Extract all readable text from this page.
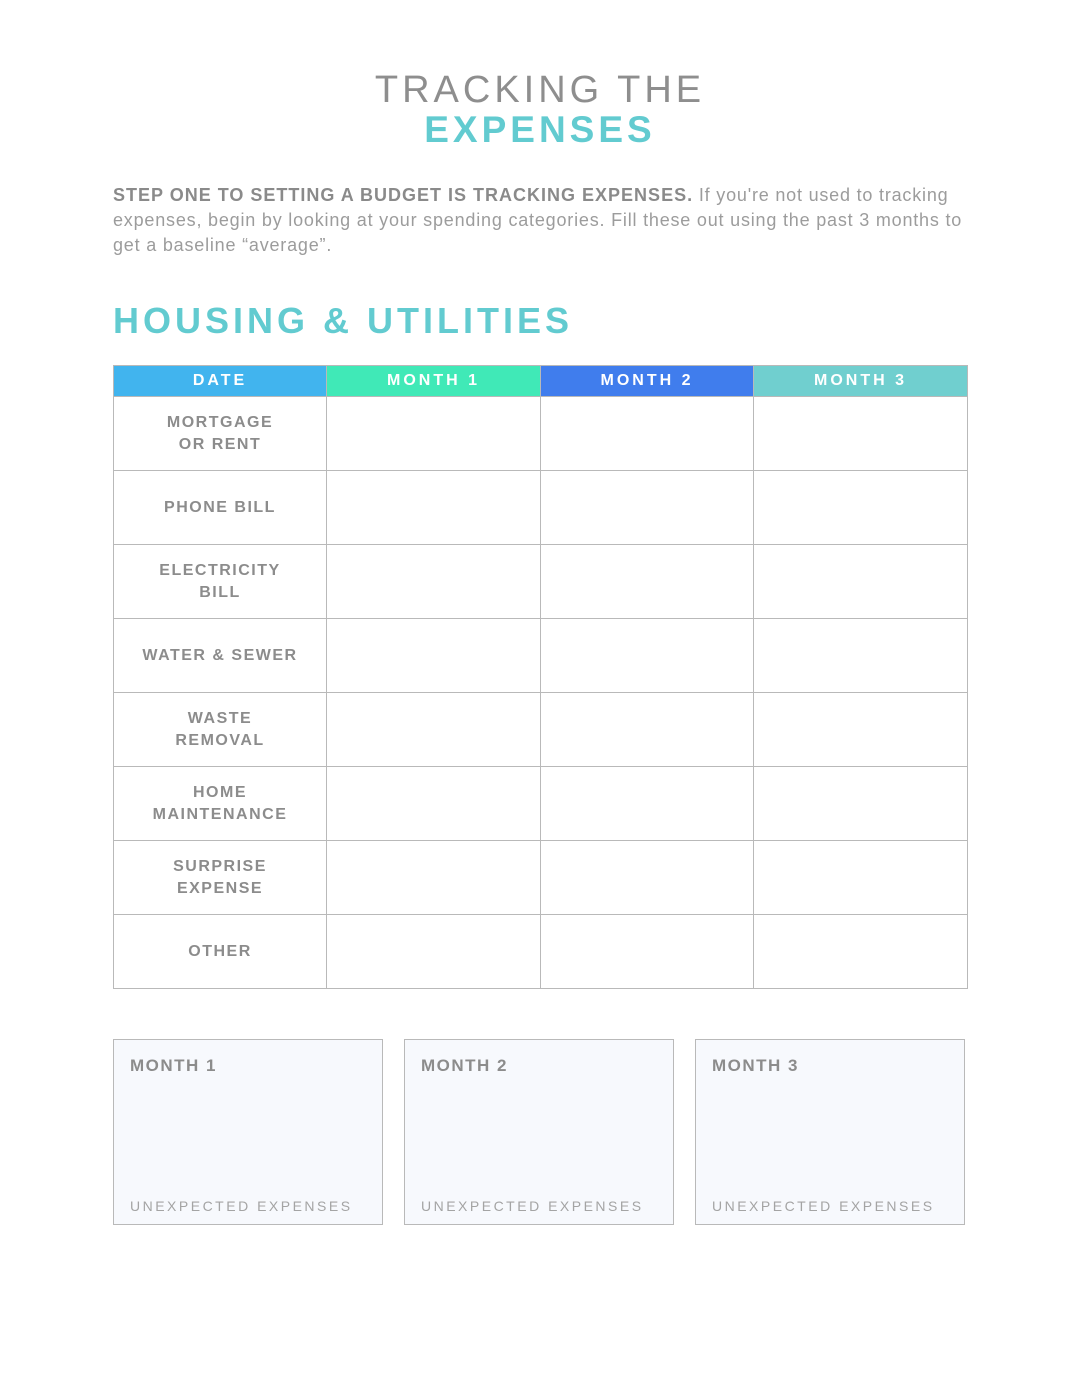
TRACKING THE
EXPENSES
STEP ONE TO SETTING A BUDGET IS TRACKING EXPENSES. If you're not used to tracking expenses, begin by looking at your spending categories. Fill these out using the past 3 months to get a baseline “average”.
HOUSING & UTILITIES
DATE	MONTH 1	MONTH 2	MONTH 3

MORTGAGE
OR RENT			

PHONE BILL			

ELECTRICITY
BILL			

WATER & SEWER			

WASTE
REMOVAL			

HOME
MAINTENANCE			

SURPRISE
EXPENSE			

OTHER			

MONTH 1
UNEXPECTED EXPENSES
MONTH 2
UNEXPECTED EXPENSES
MONTH 3
UNEXPECTED EXPENSES
